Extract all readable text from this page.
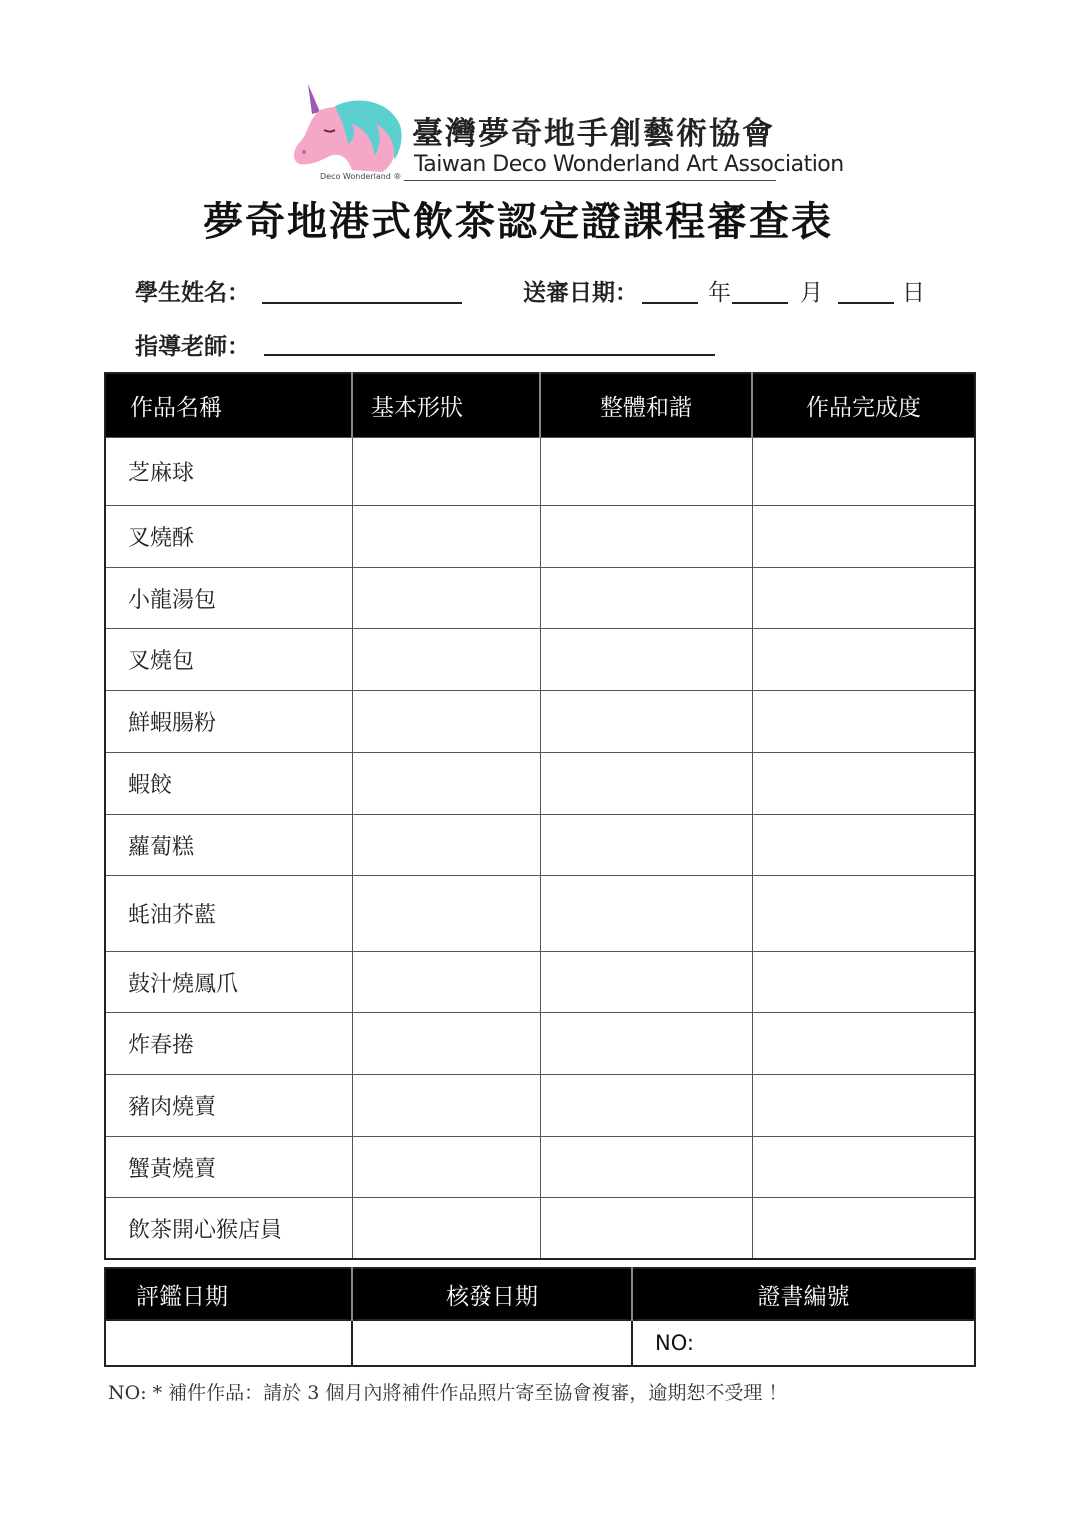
Deco Wonderland ®
臺灣夢奇地手創藝術協會
Taiwan Deco Wonderland Art Association
夢奇地港式飲茶認定證課程審查表
學生姓名：	送審日期：	年	月	日
指導老師：
作品名稱	基本形狀	整體和諧	作品完成度
芝麻球			
叉燒酥			
小龍湯包			
叉燒包			
鮮蝦腸粉			
蝦餃			
蘿蔔糕			
蚝油芥藍			
鼓汁燒鳳爪			
炸春捲			
豬肉燒賣			
蟹黃燒賣			
飲茶開心猴店員			
評鑑日期	核發日期	證書編號
		NO:
NO: * 補件作品：請於 3 個月內將補件作品照片寄至協會複審，逾期恕不受理 ！
